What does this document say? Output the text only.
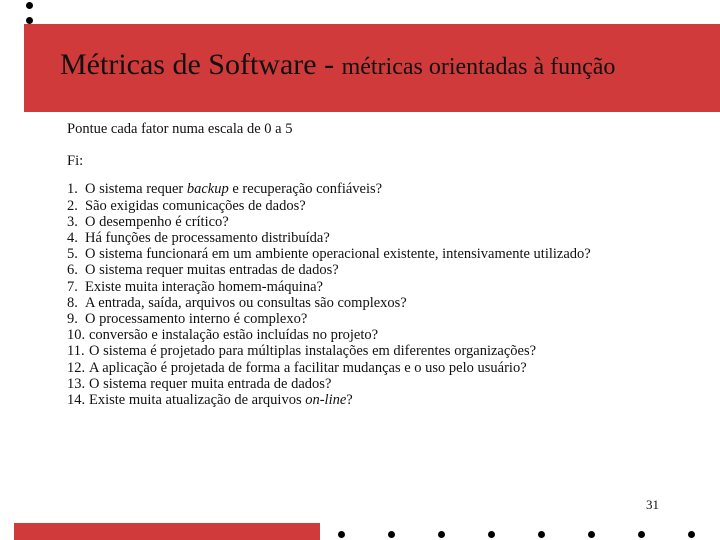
Métricas de Software - métricas orientadas à função
Pontue cada fator numa escala de 0 a 5
Fi:
1. O sistema requer backup e recuperação confiáveis?
2. São exigidas comunicações de dados?
3. O desempenho é crítico?
4. Há funções de processamento distribuída?
5. O sistema funcionará em um ambiente operacional existente, intensivamente utilizado?
6. O sistema requer muitas entradas de dados?
7. Existe muita interação homem-máquina?
8. A entrada, saída, arquivos ou consultas são complexos?
9. O processamento interno é complexo?
10. conversão e instalação estão incluídas no projeto?
11. O sistema é projetado para múltiplas instalações em diferentes organizações?
12. A aplicação é projetada de forma a facilitar mudanças e o uso pelo usuário?
13. O sistema requer muita entrada de dados?
14. Existe muita atualização de arquivos on-line?
31
